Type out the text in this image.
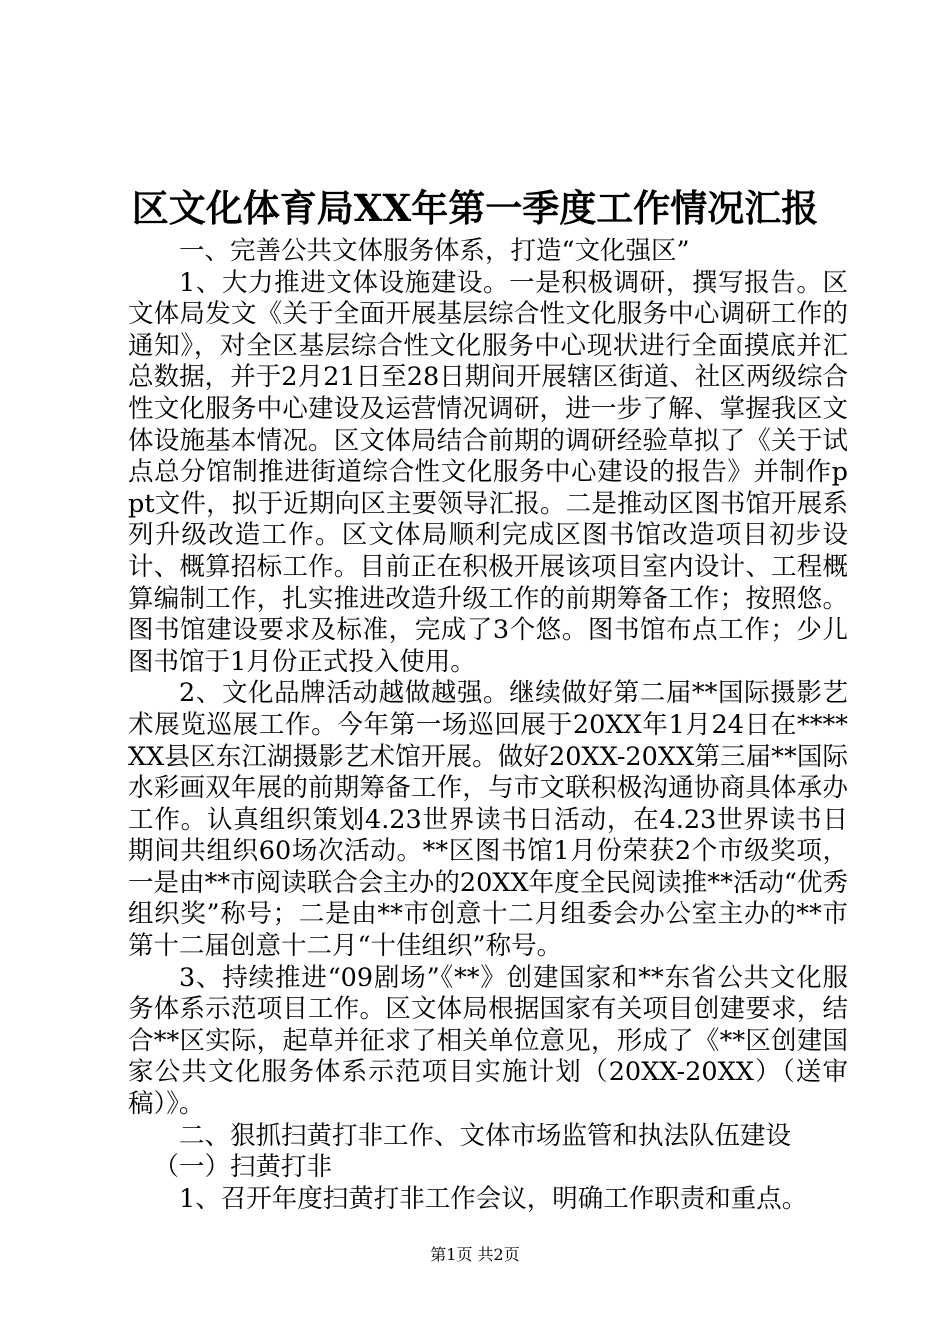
区文化体育局XX年第一季度工作情况汇报

一、完善公共文体服务体系，打造“文化强区”

1、大力推进文体设施建设。一是积极调研，撰写报告。区文体局发文《关于全面开展基层综合性文化服务中心调研工作的通知》，对全区基层综合性文化服务中心现状进行全面摸底并汇总数据，并于2月21日至28日期间开展辖区街道、社区两级综合性文化服务中心建设及运营情况调研，进一步了解、掌握我区文体设施基本情况。区文体局结合前期的调研经验草拟了《关于试点总分馆制推进街道综合性文化服务中心建设的报告》并制作ppt文件，拟于近期向区主要领导汇报。二是推动区图书馆开展系列升级改造工作。区文体局顺利完成区图书馆改造项目初步设计、概算招标工作。目前正在积极开展该项目室内设计、工程概算编制工作，扎实推进改造升级工作的前期筹备工作；按照悠。图书馆建设要求及标准，完成了3个悠。图书馆布点工作；少儿图书馆于1月份正式投入使用。

2、文化品牌活动越做越强。继续做好第二届**国际摄影艺术展览巡展工作。今年第一场巡回展于20XX年1月24日在****XX县区东江湖摄影艺术馆开展。做好20XX-20XX第三届**国际水彩画双年展的前期筹备工作，与市文联积极沟通协商具体承办工作。认真组织策划4.23世界读书日活动，在4.23世界读书日期间共组织60场次活动。**区图书馆1月份荣获2个市级奖项，一是由**市阅读联合会主办的20XX年度全民阅读推**活动“优秀组织奖”称号；二是由**市创意十二月组委会办公室主办的**市第十二届创意十二月“十佳组织”称号。

3、持续推进“09剧场”《**》创建国家和**东省公共文化服务体系示范项目工作。区文体局根据国家有关项目创建要求，结合**区实际，起草并征求了相关单位意见，形成了《**区创建国家公共文化服务体系示范项目实施计划（20XX-20XX）（送审稿）》。

二、狠抓扫黄打非工作、文体市场监管和执法队伍建设

（一）扫黄打非

1、召开年度扫黄打非工作会议，明确工作职责和重点。

第1页 共2页
